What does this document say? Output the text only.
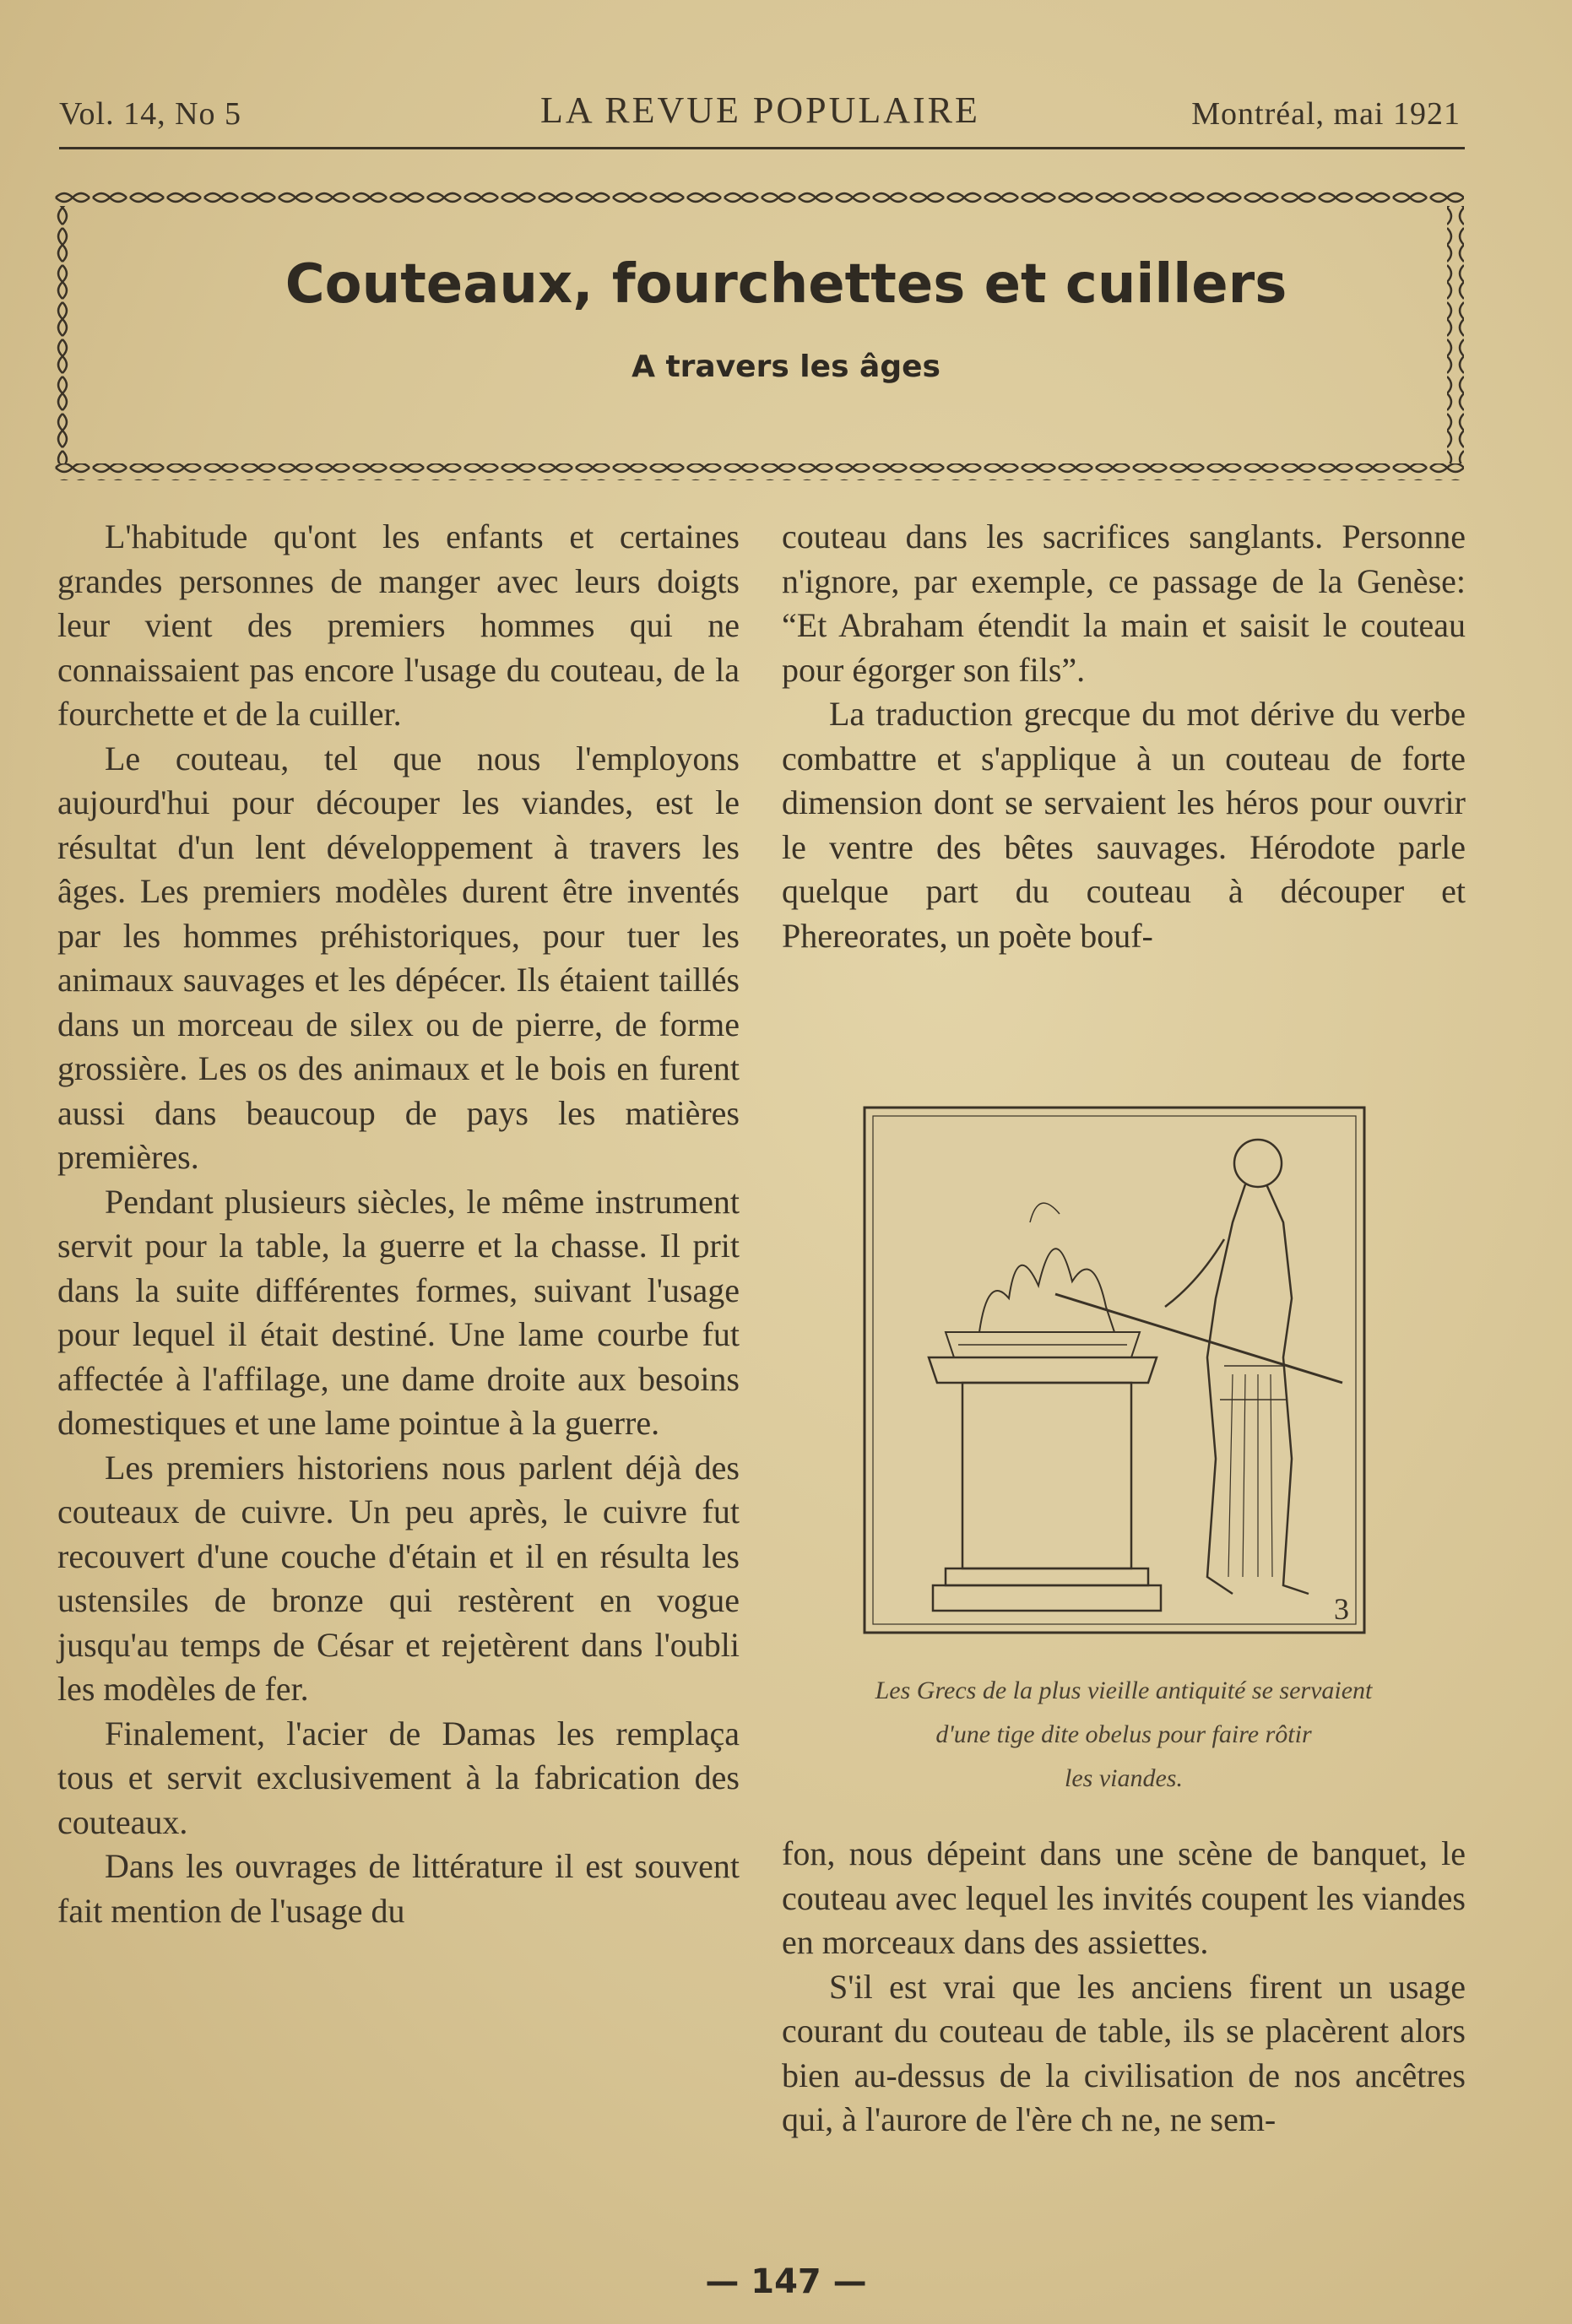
Vol. 14, No 5	LA REVUE POPULAIRE	Montréal, mai 1921
Couteaux, fourchettes et cuillers
A travers les âges

L'habitude qu'ont les enfants et certaines grandes personnes de manger avec leurs doigts leur vient des premiers hommes qui ne connaissaient pas encore l'usage du couteau, de la fourchette et de la cuiller.

Le couteau, tel que nous l'employons aujourd'hui pour découper les viandes, est le résultat d'un lent développement à travers les âges. Les premiers modèles durent être inventés par les hommes préhistoriques, pour tuer les animaux sauvages et les dépécer. Ils étaient taillés dans un morceau de silex ou de pierre, de forme grossière. Les os des animaux et le bois en furent aussi dans beaucoup de pays les matières premières.

Pendant plusieurs siècles, le même instrument servit pour la table, la guerre et la chasse. Il prit dans la suite différentes formes, suivant l'usage pour lequel il était destiné. Une lame courbe fut affectée à l'affilage, une dame droite aux besoins domestiques et une lame pointue à la guerre.

Les premiers historiens nous parlent déjà des couteaux de cuivre. Un peu après, le cuivre fut recouvert d'une couche d'étain et il en résulta les ustensiles de bronze qui restèrent en vogue jusqu'au temps de César et rejetèrent dans l'oubli les modèles de fer.

Finalement, l'acier de Damas les remplaça tous et servit exclusivement à la fabrication des couteaux.

Dans les ouvrages de littérature il est souvent fait mention de l'usage du

couteau dans les sacrifices sanglants. Personne n'ignore, par exemple, ce passage de la Genèse: “Et Abraham étendit la main et saisit le couteau pour égorger son fils”.

La traduction grecque du mot dérive du verbe combattre et s'applique à un couteau de forte dimension dont se servaient les héros pour ouvrir le ventre des bêtes sauvages. Hérodote parle quelque part du couteau à découper et Phereorates, un poète bouf-

3
Les Grecs de la plus vieille antiquité se servaient
d'une tige dite obelus pour faire rôtir
les viandes.

fon, nous dépeint dans une scène de banquet, le couteau avec lequel les invités coupent les viandes en morceaux dans des assiettes.

S'il est vrai que les anciens firent un usage courant du couteau de table, ils se placèrent alors bien au-dessus de la civilisation de nos ancêtres qui, à l'aurore de l'ère ch ne, ne sem-

— 147 —
